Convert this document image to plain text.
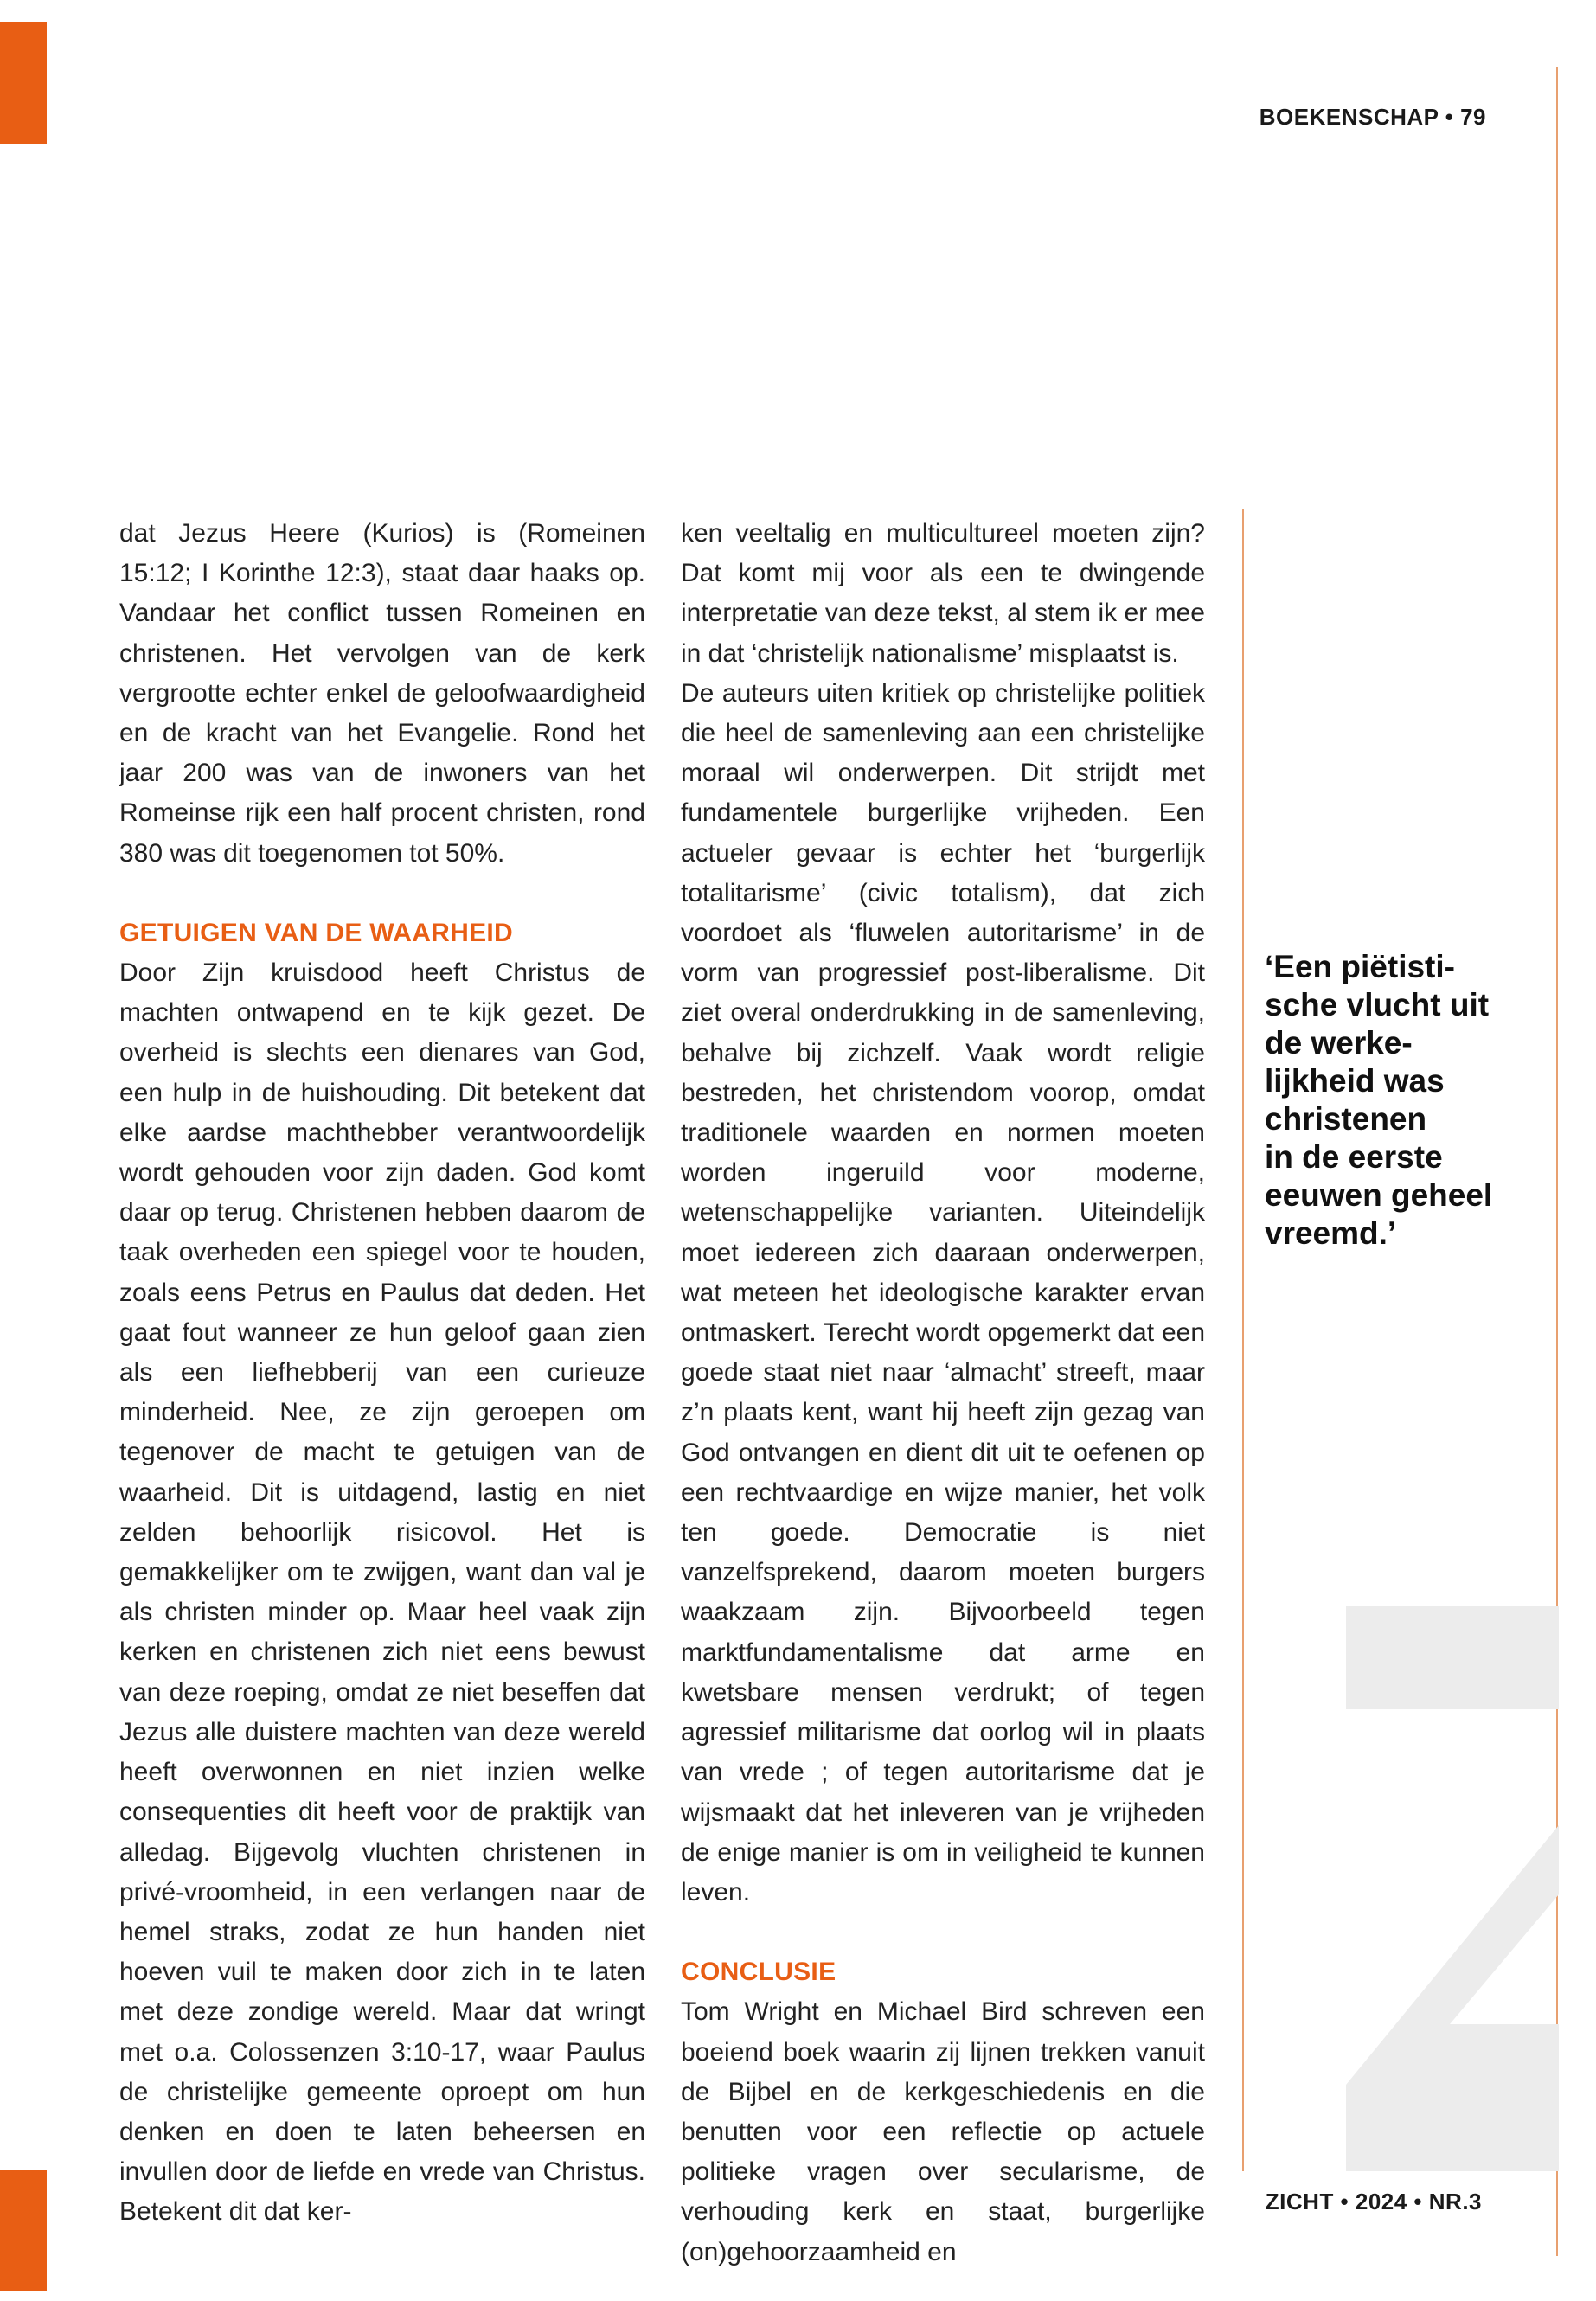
BOEKENSCHAP • 79

dat Jezus Heere (Kurios) is (Romeinen 15:12; I Korinthe 12:3), staat daar haaks op. Vandaar het conflict tussen Romeinen en christenen. Het vervolgen van de kerk vergrootte echter enkel de geloofwaardigheid en de kracht van het Evangelie. Rond het jaar 200 was van de inwoners van het Romeinse rijk een half procent christen, rond 380 was dit toegenomen tot 50%.

GETUIGEN VAN DE WAARHEID

Door Zijn kruisdood heeft Christus de machten ontwapend en te kijk gezet. De overheid is slechts een dienares van God, een hulp in de huishouding. Dit betekent dat elke aardse machthebber verantwoordelijk wordt gehouden voor zijn daden. God komt daar op terug. Christenen hebben daarom de taak overheden een spiegel voor te houden, zoals eens Petrus en Paulus dat deden. Het gaat fout wanneer ze hun geloof gaan zien als een liefhebberij van een curieuze minderheid. Nee, ze zijn geroepen om tegenover de macht te getuigen van de waarheid. Dit is uitdagend, lastig en niet zelden behoorlijk risicovol. Het is gemakkelijker om te zwijgen, want dan val je als christen minder op. Maar heel vaak zijn kerken en christenen zich niet eens bewust van deze roeping, omdat ze niet beseffen dat Jezus alle duistere machten van deze wereld heeft overwonnen en niet inzien welke consequenties dit heeft voor de praktijk van alledag. Bijgevolg vluchten christenen in privé-vroomheid, in een verlangen naar de hemel straks, zodat ze hun handen niet hoeven vuil te maken door zich in te laten met deze zondige wereld. Maar dat wringt met o.a. Colossenzen 3:10-17, waar Paulus de christelijke gemeente oproept om hun denken en doen te laten beheersen en invullen door de liefde en vrede van Christus. Betekent dit dat ker-

ken veeltalig en multicultureel moeten zijn? Dat komt mij voor als een te dwingende interpretatie van deze tekst, al stem ik er mee in dat ‘christelijk nationalisme’ misplaatst is.

De auteurs uiten kritiek op christelijke politiek die heel de samenleving aan een christelijke moraal wil onderwerpen. Dit strijdt met fundamentele burgerlijke vrijheden. Een actueler gevaar is echter het ‘burgerlijk totalitarisme’ (civic totalism), dat zich voordoet als ‘fluwelen autoritarisme’ in de vorm van progressief post-liberalisme. Dit ziet overal onderdrukking in de samenleving, behalve bij zichzelf. Vaak wordt religie bestreden, het christendom voorop, omdat traditionele waarden en normen moeten worden ingeruild voor moderne, wetenschappelijke varianten. Uiteindelijk moet iedereen zich daaraan onderwerpen, wat meteen het ideologische karakter ervan ontmaskert. Terecht wordt opgemerkt dat een goede staat niet naar ‘almacht’ streeft, maar z’n plaats kent, want hij heeft zijn gezag van God ontvangen en dient dit uit te oefenen op een rechtvaardige en wijze manier, het volk ten goede. Democratie is niet vanzelfsprekend, daarom moeten burgers waakzaam zijn. Bijvoorbeeld tegen marktfundamentalisme dat arme en kwetsbare mensen verdrukt; of tegen agressief militarisme dat oorlog wil in plaats van vrede ; of tegen autoritarisme dat je wijsmaakt dat het inleveren van je vrijheden de enige manier is om in veiligheid te kunnen leven.

CONCLUSIE

Tom Wright en Michael Bird schreven een boeiend boek waarin zij lijnen trekken vanuit de Bijbel en de kerkgeschiedenis en die benutten voor een reflectie op actuele politieke vragen over secularisme, de verhouding kerk en staat, burgerlijke (on)gehoorzaamheid en

‘Een piëtisti-
sche vlucht uit
de werke-
lijkheid was
christenen
in de eerste
eeuwen geheel
vreemd.’
ZICHT • 2024 • NR.3
